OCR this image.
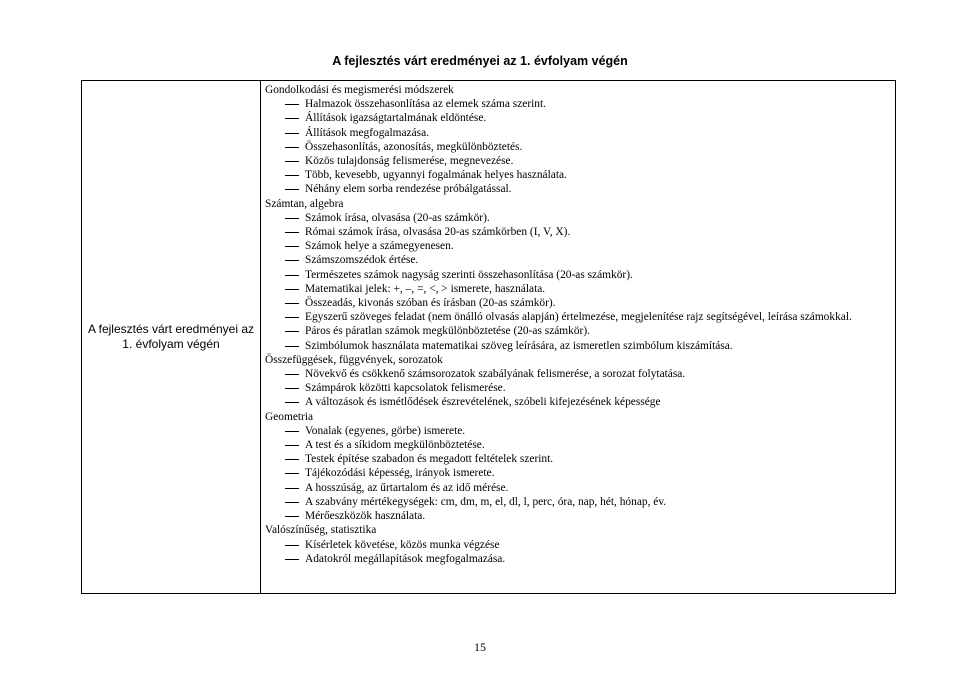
A fejlesztés várt eredményei az 1. évfolyam végén
A fejlesztés várt eredményei az 1. évfolyam végén
Gondolkodási és megismerési módszerek
Halmazok összehasonlítása az elemek száma szerint.
Állítások igazságtartalmának eldöntése.
Állítások megfogalmazása.
Összehasonlítás, azonosítás, megkülönböztetés.
Közös tulajdonság felismerése, megnevezése.
Több, kevesebb, ugyannyi fogalmának helyes használata.
Néhány elem sorba rendezése próbálgatással.
Számtan, algebra
Számok írása, olvasása (20-as számkör).
Római számok írása, olvasása 20-as számkörben (I, V, X).
Számok helye a számegyenesen.
Számszomszédok értése.
Természetes számok nagyság szerinti összehasonlítása (20-as számkör).
Matematikai jelek: +, –, =, <, > ismerete, használata.
Összeadás, kivonás szóban és írásban (20-as számkör).
Egyszerű szöveges feladat (nem önálló olvasás alapján) értelmezése, megjelenítése rajz segítségével, leírása számokkal.
Páros és páratlan számok megkülönböztetése (20-as számkör).
Szimbólumok használata matematikai szöveg leírására, az ismeretlen szimbólum kiszámítása.
Összefüggések, függvények, sorozatok
Növekvő és csökkenő számsorozatok szabályának felismerése, a sorozat folytatása.
Számpárok közötti kapcsolatok felismerése.
A változások és ismétlődések észrevételének, szóbeli kifejezésének képessége
Geometria
Vonalak (egyenes, görbe) ismerete.
A test és a síkidom megkülönböztetése.
Testek építése szabadon és megadott feltételek szerint.
Tájékozódási képesség, irányok ismerete.
A hosszúság, az űrtartalom és az idő mérése.
A szabvány mértékegységek: cm, dm, m, el, dl, l, perc, óra, nap, hét, hónap, év.
Mérőeszközök használata.
Valószínűség, statisztika
Kísérletek követése, közös munka végzése
Adatokról megállapítások megfogalmazása.
15
